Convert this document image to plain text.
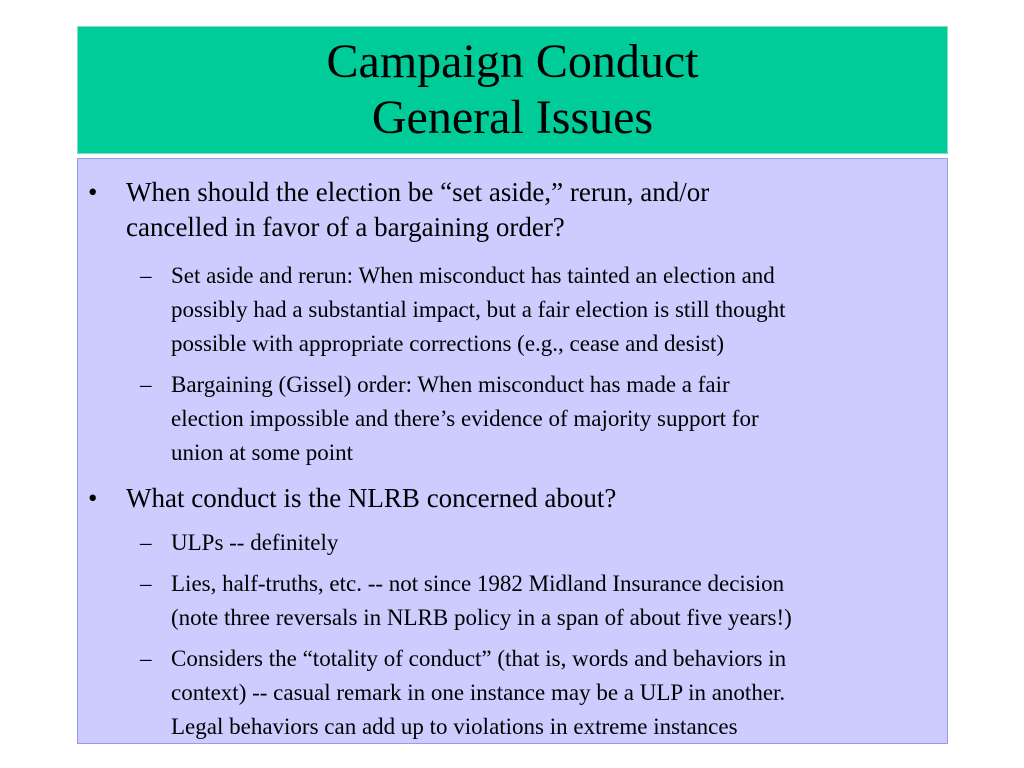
Campaign Conduct
General Issues
• When should the election be “set aside,” rerun, and/or
cancelled in favor of a bargaining order?
– Set aside and rerun: When misconduct has tainted an election and
possibly had a substantial impact, but a fair election is still thought
possible with appropriate corrections (e.g., cease and desist)
– Bargaining (Gissel) order: When misconduct has made a fair
election impossible and there’s evidence of majority support for
union at some point
• What conduct is the NLRB concerned about?
– ULPs -- definitely
– Lies, half-truths, etc. -- not since 1982 Midland Insurance decision
(note three reversals in NLRB policy in a span of about five years!)
– Considers the “totality of conduct” (that is, words and behaviors in
context) -- casual remark in one instance may be a ULP in another.
Legal behaviors can add up to violations in extreme instances
